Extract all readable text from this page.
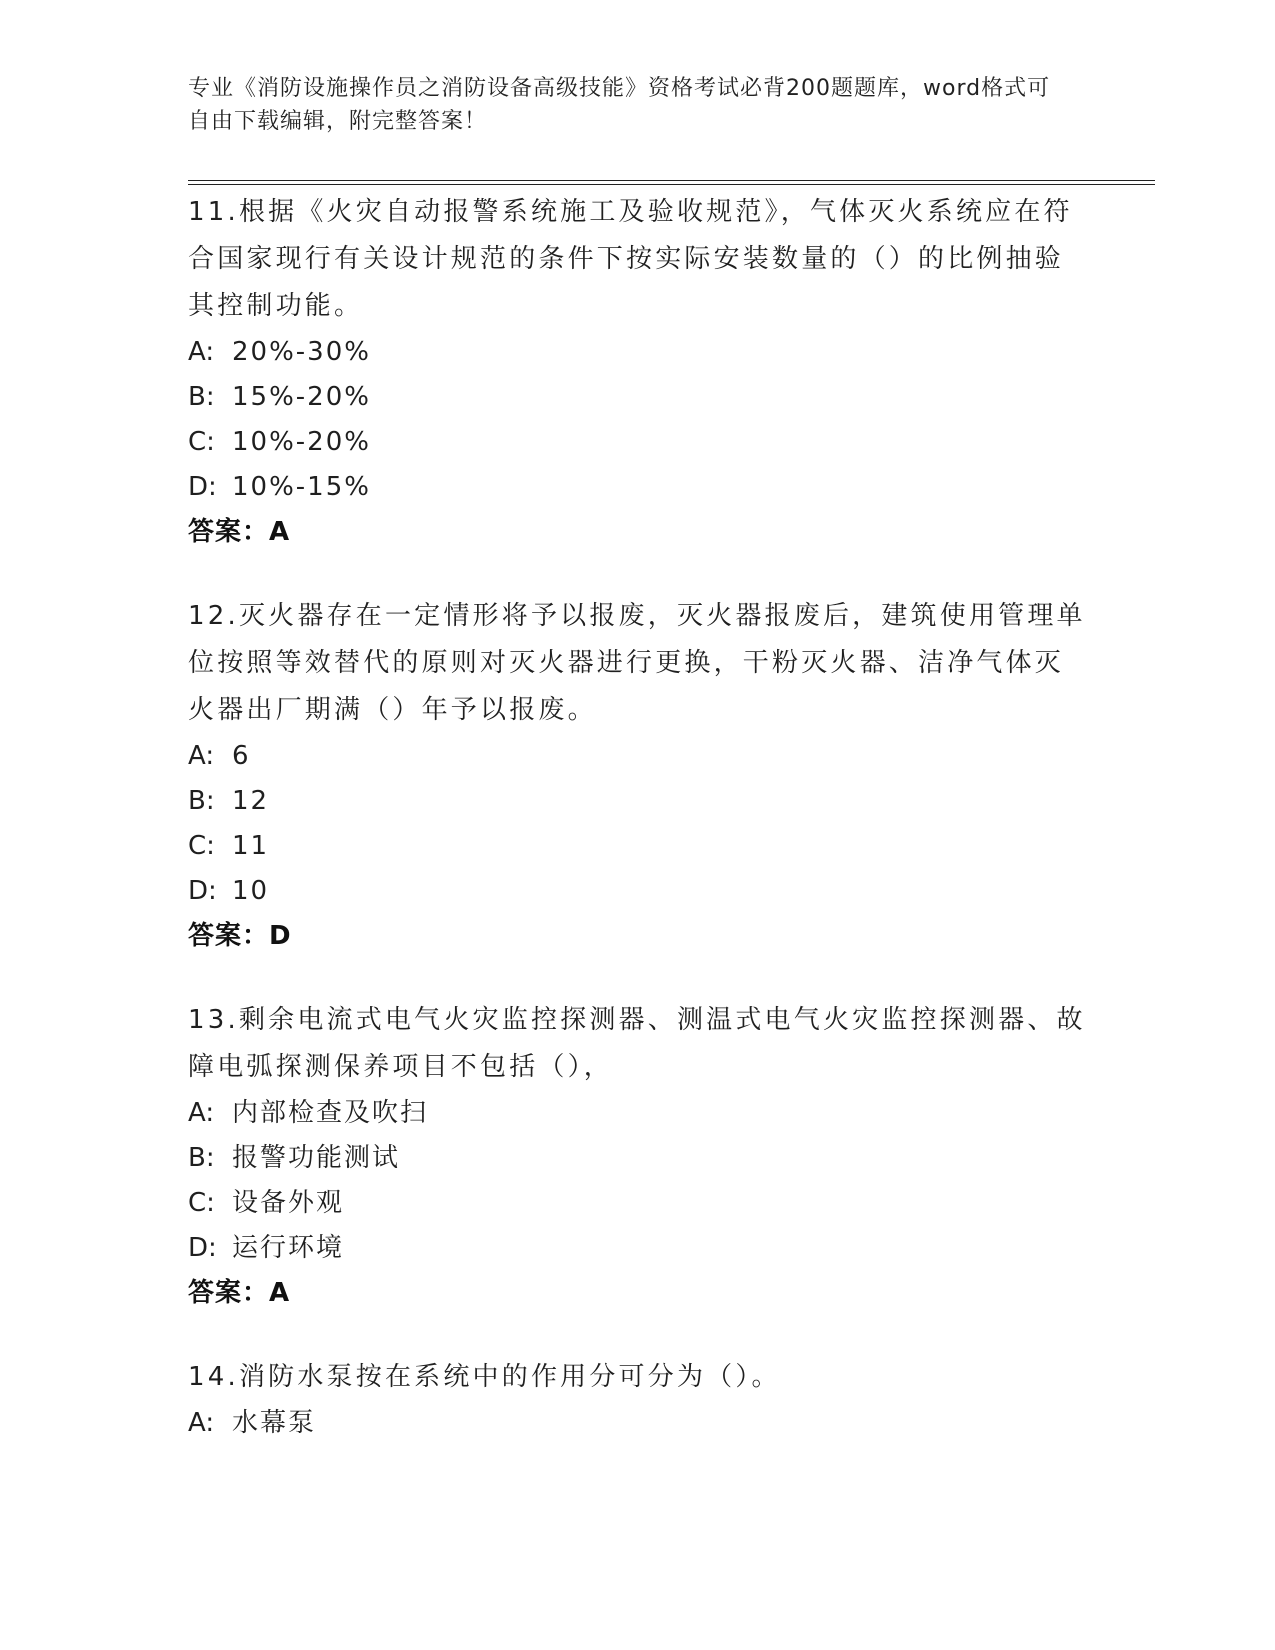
专业《消防设施操作员之消防设备高级技能》资格考试必背200题题库，word格式可自由下载编辑，附完整答案！

11.根据《火灾自动报警系统施工及验收规范》，气体灭火系统应在符合国家现行有关设计规范的条件下按实际安装数量的（）的比例抽验其控制功能。

A: 20%-30%

B: 15%-20%

C: 10%-20%

D: 10%-15%

答案： A

12.灭火器存在一定情形将予以报废，灭火器报废后，建筑使用管理单位按照等效替代的原则对灭火器进行更换，干粉灭火器、洁净气体灭火器出厂期满（）年予以报废。

A: 6

B: 12

C: 11

D: 10

答案： D

13.剩余电流式电气火灾监控探测器、测温式电气火灾监控探测器、故障电弧探测保养项目不包括（），

A: 内部检查及吹扫

B: 报警功能测试

C: 设备外观

D: 运行环境

答案： A

14.消防水泵按在系统中的作用分可分为（）。

A: 水幕泵
